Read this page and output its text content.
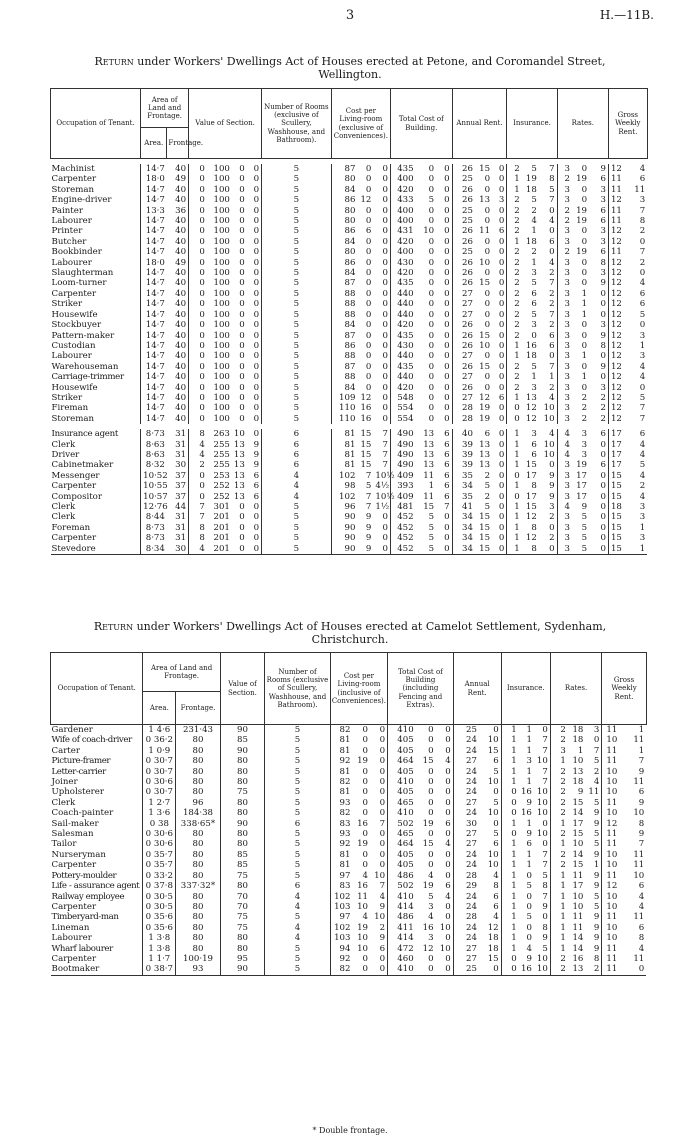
3	H.—11B.
Return under Workers' Dwellings Act of Houses erected at Petone, and Coromandel Street,
Wellington.
Occupation of Tenant.	Area of Land and Frontage.		Value of Section.				Number of Rooms (exclusive of Scullery, Washhouse, and Bathroom).	Cost per Living-room (exclusive of Conveniences).			Total Cost of Building.			Annual Rent.			Insurance.			Rates.			Gross Weekly Rent.	
	Area.	Frontage.																						

Machinist	14·7	40	0	100	0	0	5	87	0	0	435	0	0	26	15	0	2	5	7	3	0	9	12	4
Carpenter	18·0	49	0	100	0	0	5	80	0	0	400	0	0	25	0	0	1	19	8	2	19	6	11	6
Storeman	14·7	40	0	100	0	0	5	84	0	0	420	0	0	26	0	0	1	18	5	3	0	3	11	11
Engine-driver	14·7	40	0	100	0	0	5	86	12	0	433	5	0	26	13	3	2	5	7	3	0	3	12	3
Painter	13·3	36	0	100	0	0	5	80	0	0	400	0	0	25	0	0	2	2	0	2	19	6	11	7
Labourer	14·7	40	0	100	0	0	5	80	0	0	400	0	0	25	0	0	2	4	4	2	19	6	11	8
Printer	14·7	40	0	100	0	0	5	86	6	0	431	10	0	26	11	6	2	1	0	3	0	3	12	2
Butcher	14·7	40	0	100	0	0	5	84	0	0	420	0	0	26	0	0	1	18	6	3	0	3	12	0
Bookbinder	14·7	40	0	100	0	0	5	80	0	0	400	0	0	25	0	0	2	2	0	2	19	6	11	7
Labourer	18·0	49	0	100	0	0	5	86	0	0	430	0	0	26	10	0	2	1	4	3	0	8	12	2
Slaughterman	14·7	40	0	100	0	0	5	84	0	0	420	0	0	26	0	0	2	3	2	3	0	3	12	0
Loom-turner	14·7	40	0	100	0	0	5	87	0	0	435	0	0	26	15	0	2	5	7	3	0	9	12	4
Carpenter	14·7	40	0	100	0	0	5	88	0	0	440	0	0	27	0	0	2	6	2	3	1	0	12	6
Striker	14·7	40	0	100	0	0	5	88	0	0	440	0	0	27	0	0	2	6	2	3	1	0	12	6
Housewife	14·7	40	0	100	0	0	5	88	0	0	440	0	0	27	0	0	2	5	7	3	1	0	12	5
Stockbuyer	14·7	40	0	100	0	0	5	84	0	0	420	0	0	26	0	0	2	3	2	3	0	3	12	0
Pattern-maker	14·7	40	0	100	0	0	5	87	0	0	435	0	0	26	15	0	2	0	6	3	0	9	12	3
Custodian	14·7	40	0	100	0	0	5	86	0	0	430	0	0	26	10	0	1	16	6	3	0	8	12	1
Labourer	14·7	40	0	100	0	0	5	88	0	0	440	0	0	27	0	0	1	18	0	3	1	0	12	3
Warehouseman	14·7	40	0	100	0	0	5	87	0	0	435	0	0	26	15	0	2	5	7	3	0	9	12	4
Carriage-trimmer	14·7	40	0	100	0	0	5	88	0	0	440	0	0	27	0	0	2	1	1	3	1	0	12	4
Housewife	14·7	40	0	100	0	0	5	84	0	0	420	0	0	26	0	0	2	3	2	3	0	3	12	0
Striker	14·7	40	0	100	0	0	5	109	12	0	548	0	0	27	12	6	1	13	4	3	2	2	12	5
Fireman	14·7	40	0	100	0	0	5	110	16	0	554	0	0	28	19	0	0	12	10	3	2	2	12	7
Storeman	14·7	40	0	100	0	0	5	110	16	0	554	0	0	28	19	0	0	12	10	3	2	2	12	7

Insurance agent	8·73	31	8	263	10	0	6	81	15	7	490	13	6	40	6	0	1	3	4	4	3	6	17	6
Clerk	8·63	31	4	255	13	9	6	81	15	7	490	13	6	39	13	0	1	6	10	4	3	0	17	4
Driver	8·63	31	4	255	13	9	6	81	15	7	490	13	6	39	13	0	1	6	10	4	3	0	17	4
Cabinetmaker	8·32	30	2	255	13	9	6	81	15	7	490	13	6	39	13	0	1	15	0	3	19	6	17	5
Messenger	10·52	37	0	253	13	6	4	102	7	10½	409	11	6	35	2	0	0	17	9	3	17	0	15	4
Carpenter	10·55	37	0	252	13	6	4	98	5	4½	393	1	6	34	5	0	1	8	9	3	17	0	15	2
Compositor	10·57	37	0	252	13	6	4	102	7	10½	409	11	6	35	2	0	0	17	9	3	17	0	15	4
Clerk	12·76	44	7	301	0	0	5	96	7	1½	481	15	7	41	5	0	1	15	3	4	9	0	18	3
Clerk	8·44	31	7	201	0	0	5	90	9	0	452	5	0	34	15	0	1	12	2	3	5	0	15	3
Foreman	8·73	31	8	201	0	0	5	90	9	0	452	5	0	34	15	0	1	8	0	3	5	0	15	1
Carpenter	8·73	31	8	201	0	0	5	90	9	0	452	5	0	34	15	0	1	12	2	3	5	0	15	3
Stevedore	8·34	30	4	201	0	0	5	90	9	0	452	5	0	34	15	0	1	8	0	3	5	0	15	1
Return under Workers' Dwellings Act of Houses erected at Camelot Settlement, Sydenham,
Christchurch.
Occupation of Tenant.	Area of Land and Frontage.		Value of Section.	Number of Rooms (exclusive of Scullery, Washhouse, and Bathroom).	Cost per Living-room (inclusive of Conveniences).			Total Cost of Building (including Fencing and Extras).			Annual Rent.		Insurance.			Rates.			Gross Weekly Rent.	
	Area.	Frontage.																		

Gardener	1 4·6	231·43	90	5	82	0	0	410	0	0	25	0	1	1	0	2	18	3	11	1
Wife of coach-driver	0 36·2	80	85	5	81	0	0	405	0	0	24	10	1	1	7	2	18	0	10	11
Carter	1 0·9	80	90	5	81	0	0	405	0	0	24	15	1	1	7	3	1	7	11	1
Picture-framer	0 30·7	80	80	5	92	19	0	464	15	4	27	6	1	3	10	1	10	5	11	7
Letter-carrier	0 30·7	80	80	5	81	0	0	405	0	0	24	5	1	1	7	2	13	2	10	9
Joiner	0 30·6	80	80	5	82	0	0	410	0	0	24	10	1	1	7	2	18	4	10	11
Upholsterer	0 30·7	80	75	5	81	0	0	405	0	0	24	0	0	16	10	2	9	11	10	6
Clerk	1 2·7	96	80	5	93	0	0	465	0	0	27	5	0	9	10	2	15	5	11	9
Coach-painter	1 3·6	184·38	80	5	82	0	0	410	0	0	24	10	0	16	10	2	14	9	10	10
Sail-maker	0 38	338·65*	90	6	83	16	7	502	19	6	30	0	1	1	0	1	17	9	12	8
Salesman	0 30·6	80	80	5	93	0	0	465	0	0	27	5	0	9	10	2	15	5	11	9
Tailor	0 30·6	80	80	5	92	19	0	464	15	4	27	6	1	6	0	1	10	5	11	7
Nurseryman	0 35·7	80	85	5	81	0	0	405	0	0	24	10	1	1	7	2	14	9	10	11
Carpenter	0 35·7	80	85	5	81	0	0	405	0	0	24	10	1	1	7	2	15	1	10	11
Pottery-moulder	0 33·2	80	75	5	97	4	10	486	4	0	28	4	1	0	5	1	11	9	11	10
Life - assurance agent	0 37·8	337·32*	80	6	83	16	7	502	19	6	29	8	1	5	8	1	17	9	12	6
Railway employee	0 30·5	80	70	4	102	11	4	410	5	4	24	6	1	0	7	1	10	5	10	4
Carpenter	0 30·5	80	70	4	103	10	9	414	3	0	24	6	1	0	9	1	10	5	10	4
Timberyard-man	0 35·6	80	75	5	97	4	10	486	4	0	28	4	1	5	0	1	11	9	11	11
Lineman	0 35·6	80	75	4	102	19	2	411	16	10	24	12	1	0	8	1	11	9	10	6
Labourer	1 3·8	80	80	4	103	10	9	414	3	0	24	18	1	0	9	1	14	9	10	8
Wharf labourer	1 3·8	80	80	5	94	10	6	472	12	10	27	18	1	4	5	1	14	9	11	4
Carpenter	1 1·7	100·19	95	5	92	0	0	460	0	0	27	15	0	9	10	2	16	8	11	11
Bootmaker	0 38·7	93	90	5	82	0	0	410	0	0	25	0	0	16	10	2	13	2	11	0
* Double frontage.
